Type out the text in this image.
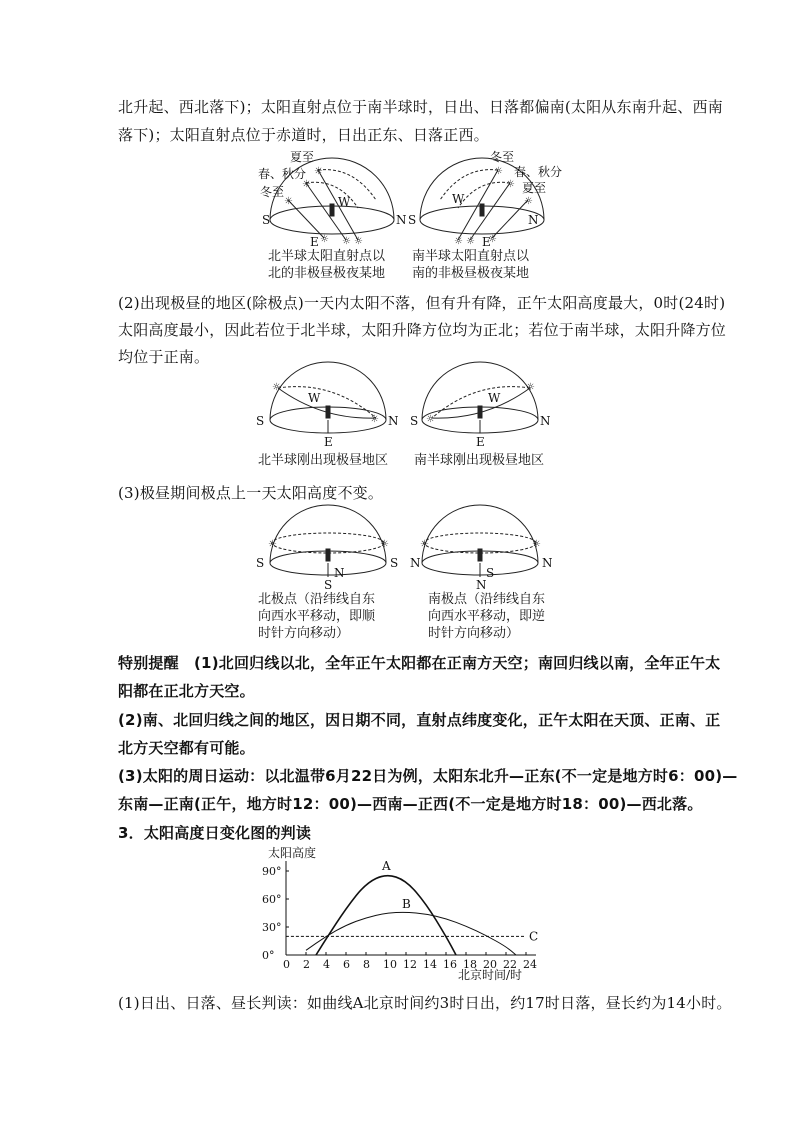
北升起、西北落下)；太阳直射点位于南半球时，日出、日落都偏南(太阳从东南升起、西南
落下)；太阳直射点位于赤道时，日出正东、日落正西。
夏至
春、秋分
冬至
S	N
E
W
冬至
春、秋分
夏至
S	N
E
W
☼
☼
☼
☼
☼
☼
☼
☼
☼	☼ ☼ ☼
北半球太阳直射点以
北的非极昼极夜某地
南半球太阳直射点以
南的非极昼极夜某地
(2)出现极昼的地区(除极点)一天内太阳不落，但有升有降，正午太阳高度最大，0时(24时)
太阳高度最小，因此若位于北半球，太阳升降方位均为正北；若位于南半球，太阳升降方位
均位于正南。
S	N
E
W
S	N
E
W
☼
☼
☼
☼
北半球刚出现极昼地区 南半球刚出现极昼地区
(3)极昼期间极点上一天太阳高度不变。
S	S
N
S
N	N
S
N
☼	☼	☼	☼
北极点（沿纬线自东
向西水平移动，即顺
时针方向移动）
南极点（沿纬线自东
向西水平移动，即逆
时针方向移动）
特别提醒　(1)北回归线以北，全年正午太阳都在正南方天空；南回归线以南，全年正午太
阳都在正北方天空。
(2)南、北回归线之间的地区，因日期不同，直射点纬度变化，正午太阳在天顶、正南、正
北方天空都有可能。
(3)太阳的周日运动：以北温带6月22日为例，太阳东北升—正东(不一定是地方时6：00)—
东南—正南(正午，地方时12：00)—西南—正西(不一定是地方时18：00)—西北落。
3．太阳高度日变化图的判读
0 2 4 6 8 10 12 14 16 18 20 22 24
0°
30°
60°
90°
太阳高度
北京时间/时
A
B
C
(1)日出、日落、昼长判读：如曲线A北京时间约3时日出，约17时日落，昼长约为14小时。
